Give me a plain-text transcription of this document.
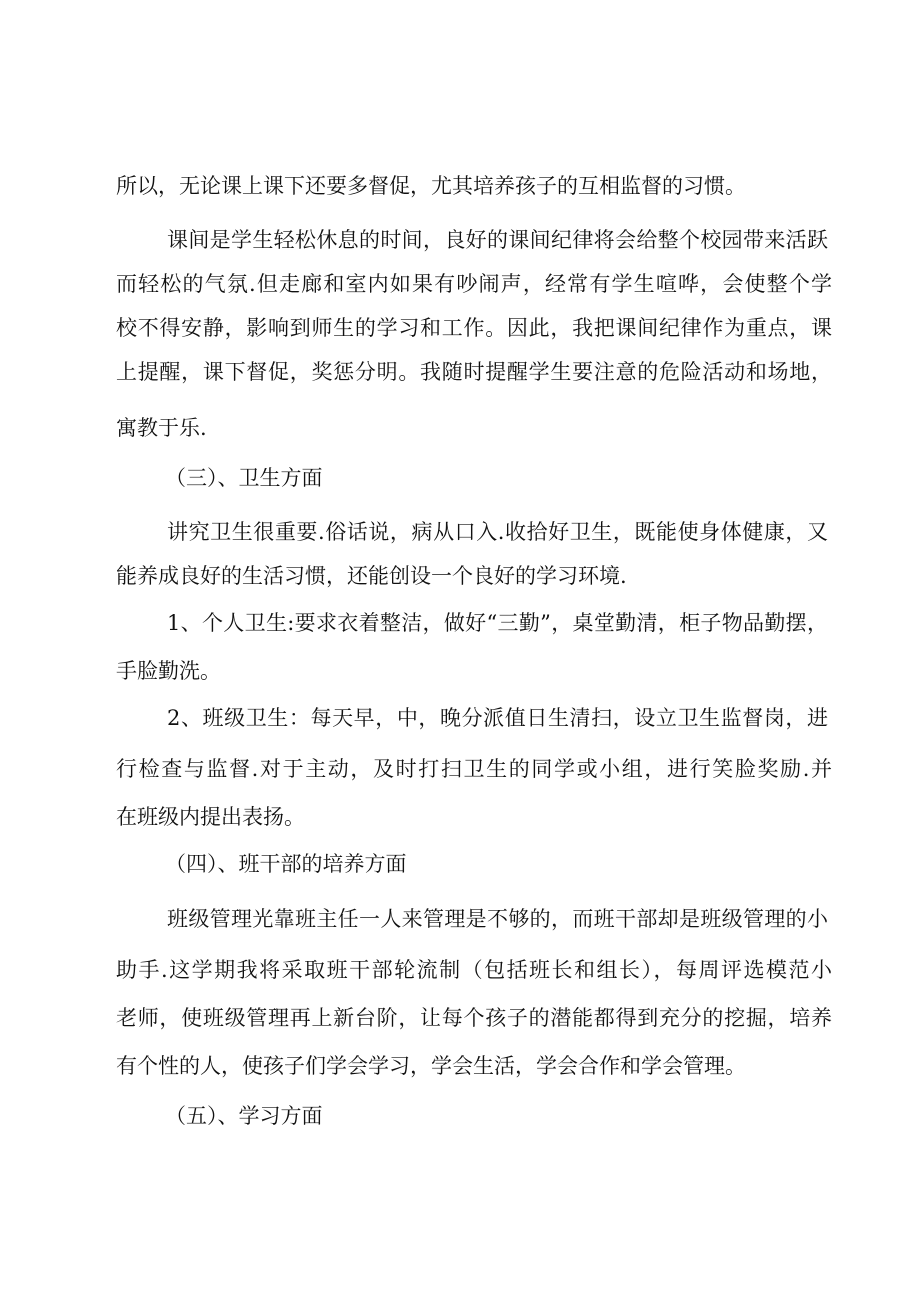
所以，无论课上课下还要多督促，尤其培养孩子的互相监督的习惯。
课间是学生轻松休息的时间，良好的课间纪律将会给整个校园带来活跃
而轻松的气氛.但走廊和室内如果有吵闹声，经常有学生喧哗，会使整个学
校不得安静，影响到师生的学习和工作。因此，我把课间纪律作为重点，课
上提醒，课下督促，奖惩分明。我随时提醒学生要注意的危险活动和场地，
寓教于乐.
（三）、卫生方面
讲究卫生很重要.俗话说，病从口入.收拾好卫生，既能使身体健康，又
能养成良好的生活习惯，还能创设一个良好的学习环境.
1、个人卫生:要求衣着整洁，做好“三勤”，桌堂勤清，柜子物品勤摆，
手脸勤洗。
2、班级卫生：每天早，中，晚分派值日生清扫，设立卫生监督岗，进
行检查与监督.对于主动，及时打扫卫生的同学或小组，进行笑脸奖励.并
在班级内提出表扬。
（四）、班干部的培养方面
班级管理光靠班主任一人来管理是不够的，而班干部却是班级管理的小
助手.这学期我将采取班干部轮流制（包括班长和组长），每周评选模范小
老师，使班级管理再上新台阶，让每个孩子的潜能都得到充分的挖掘，培养
有个性的人，使孩子们学会学习，学会生活，学会合作和学会管理。
（五）、学习方面
